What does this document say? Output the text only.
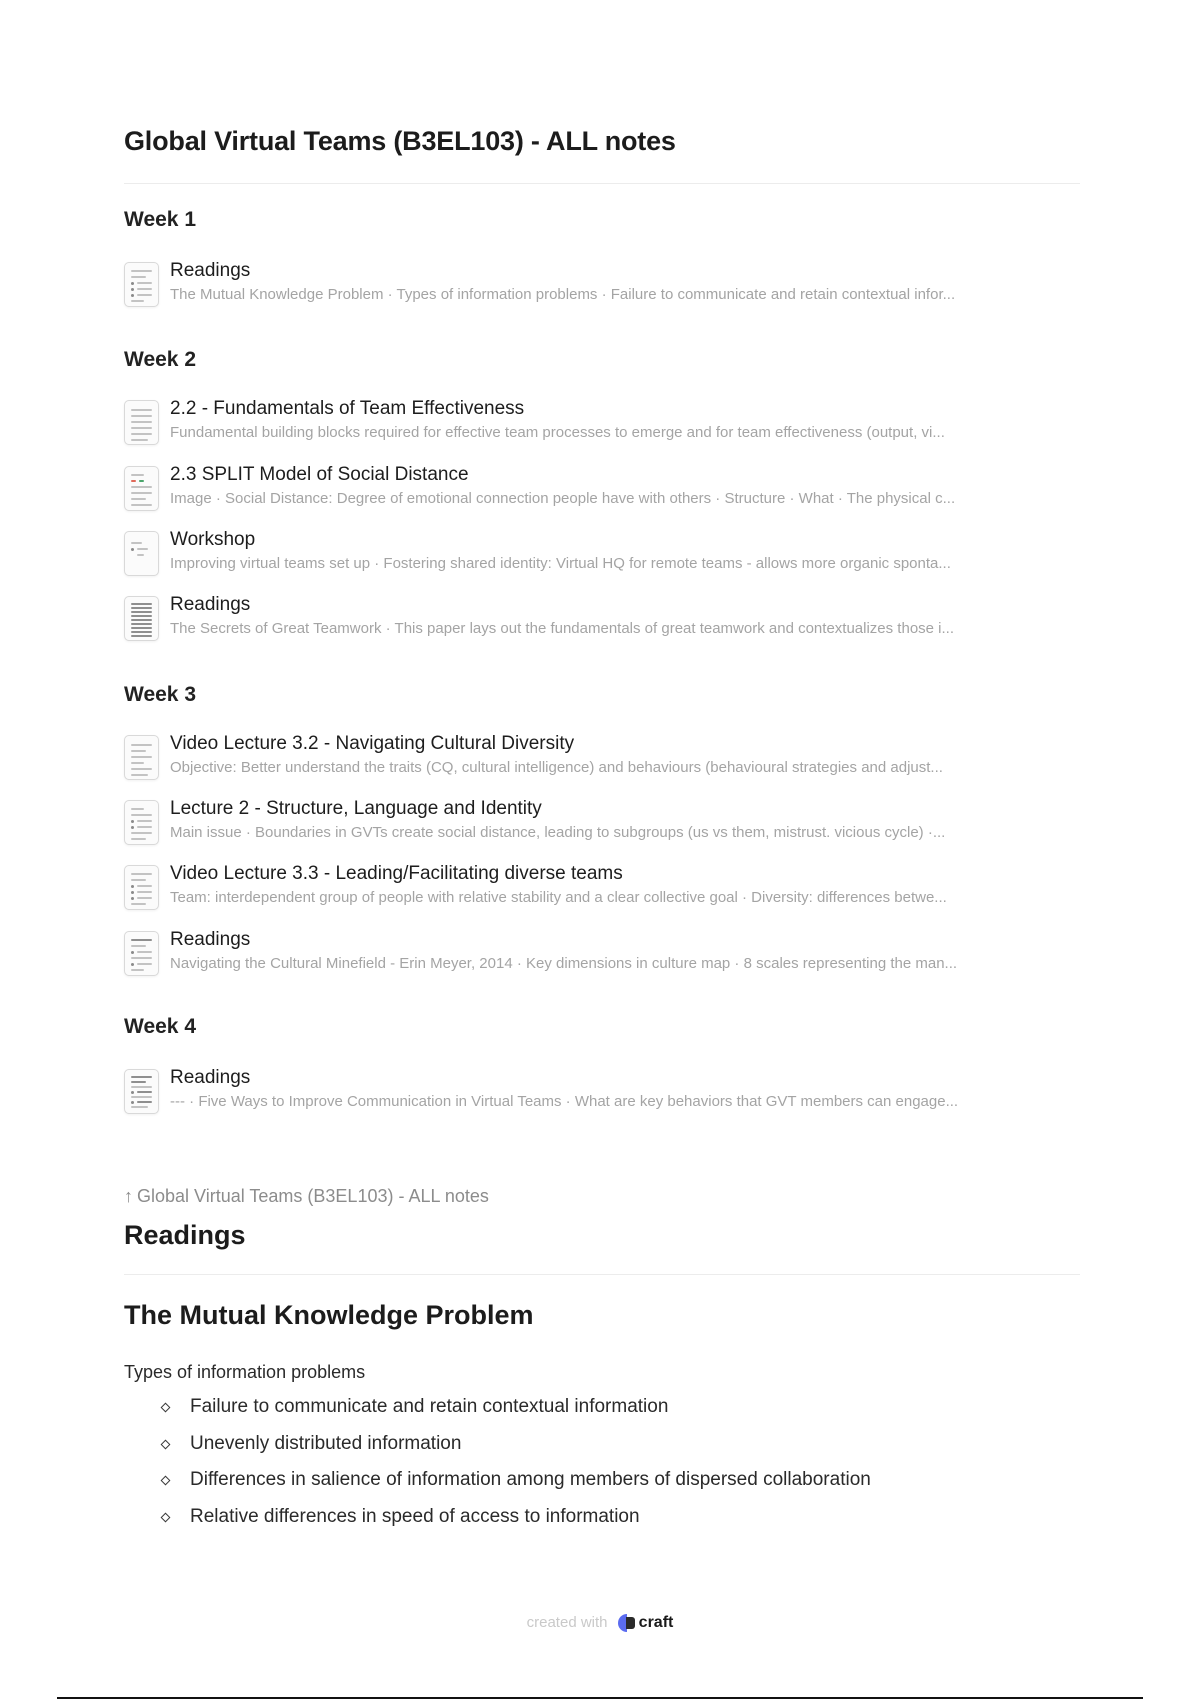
Global Virtual Teams (B3EL103) - ALL notes
Week 1
Readings
The Mutual Knowledge Problem · Types of information problems · Failure to communicate and retain contextual infor...
Week 2
2.2 - Fundamentals of Team Effectiveness
Fundamental building blocks required for effective team processes to emerge and for team effectiveness (output, vi...
2.3 SPLIT Model of Social Distance
Image · Social Distance: Degree of emotional connection people have with others · Structure · What · The physical c...
Workshop
Improving virtual teams set up · Fostering shared identity: Virtual HQ for remote teams - allows more organic sponta...
Readings
The Secrets of Great Teamwork · This paper lays out the fundamentals of great teamwork and contextualizes those i...
Week 3
Video Lecture 3.2 - Navigating Cultural Diversity
Objective: Better understand the traits (CQ, cultural intelligence) and behaviours (behavioural strategies and adjust...
Lecture 2 - Structure, Language and Identity
Main issue · Boundaries in GVTs create social distance, leading to subgroups (us vs them, mistrust. vicious cycle) ·...
Video Lecture 3.3 - Leading/Facilitating diverse teams
Team: interdependent group of people with relative stability and a clear collective goal · Diversity: differences betwe...
Readings
Navigating the Cultural Minefield - Erin Meyer, 2014 · Key dimensions in culture map · 8 scales representing the man...
Week 4
Readings
--- · Five Ways to Improve Communication in Virtual Teams · What are key behaviors that GVT members can engage...
↑ Global Virtual Teams (B3EL103) - ALL notes
Readings
The Mutual Knowledge Problem

Types of information problems

Failure to communicate and retain contextual information
Unevenly distributed information
Differences in salience of information among members of dispersed collaboration
Relative differences in speed of access to information
created with craft
